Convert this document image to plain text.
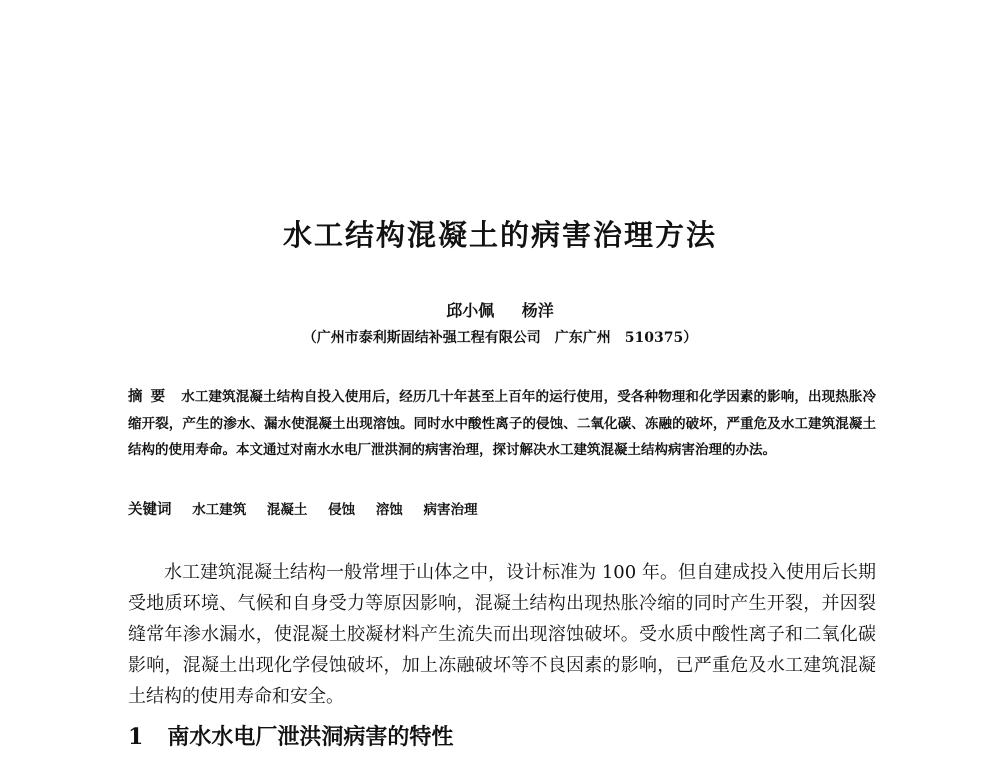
水工结构混凝土的病害治理方法
邱小佩 杨洋
（广州市泰利斯固结补强工程有限公司　广东广州　510375）
摘要 水工建筑混凝土结构自投入使用后，经历几十年甚至上百年的运行使用，受各种物理和化学因素的影响，出现热胀冷缩开裂，产生的渗水、漏水使混凝土出现溶蚀。同时水中酸性离子的侵蚀、二氧化碳、冻融的破坏，严重危及水工建筑混凝土结构的使用寿命。本文通过对南水水电厂泄洪洞的病害治理，探讨解决水工建筑混凝土结构病害治理的办法。
关键词 水工建筑 混凝土 侵蚀 溶蚀 病害治理
水工建筑混凝土结构一般常埋于山体之中，设计标准为 100 年。但自建成投入使用后长期受地质环境、气候和自身受力等原因影响，混凝土结构出现热胀冷缩的同时产生开裂，并因裂缝常年渗水漏水，使混凝土胶凝材料产生流失而出现溶蚀破坏。受水质中酸性离子和二氧化碳影响，混凝土出现化学侵蚀破坏，加上冻融破坏等不良因素的影响，已严重危及水工建筑混凝土结构的使用寿命和安全。
1 南水水电厂泄洪洞病害的特性
